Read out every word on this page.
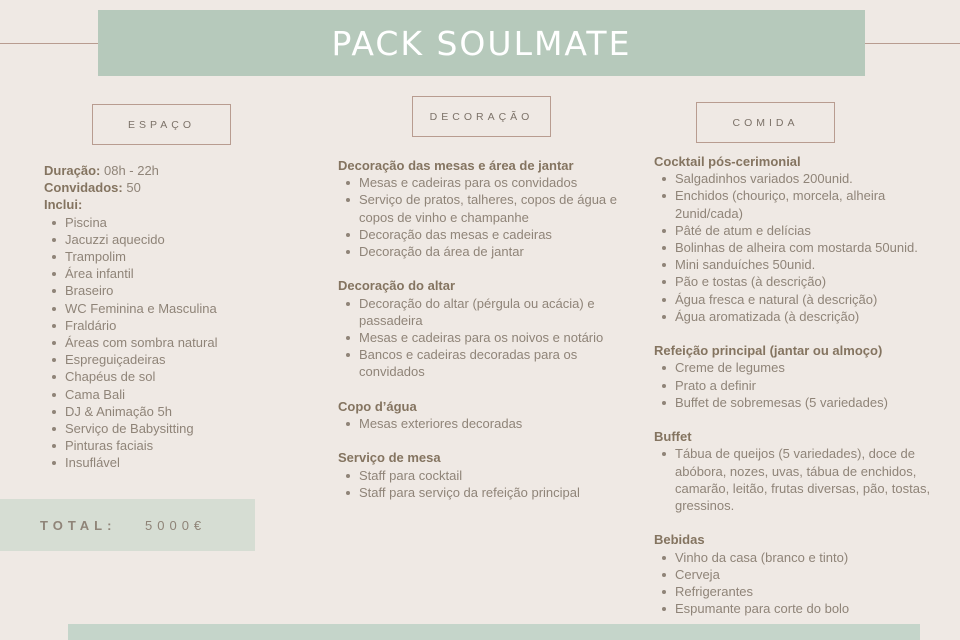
PACK SOULMATE
ESPAÇO
DECORAÇÃO	COMIDA
Duração: 08h - 22h
Convidados: 50
Inclui:
Piscina
Jacuzzi aquecido
Trampolim
Área infantil
Braseiro
WC Feminina e Masculina
Fraldário
Áreas com sombra natural
Espreguiçadeiras
Chapéus de sol
Cama Bali
DJ & Animação 5h
Serviço de Babysitting
Pinturas faciais
Insuflável
TOTAL: 5000€
Decoração das mesas e área de jantar
Mesas e cadeiras para os convidados
Serviço de pratos, talheres, copos de água e copos de vinho e champanhe
Decoração das mesas e cadeiras
Decoração da área de jantar
Decoração do altar
Decoração do altar (pérgula ou acácia) e passadeira
Mesas e cadeiras para os noivos e notário
Bancos e cadeiras decoradas para os convidados
Copo d’água
Mesas exteriores decoradas
Serviço de mesa
Staff para cocktail
Staff para serviço da refeição principal
Cocktail pós-cerimonial
Salgadinhos variados 200unid.
Enchidos (chouriço, morcela, alheira 2unid/cada)
Pâté de atum e delícias
Bolinhas de alheira com mostarda 50unid.
Mini sanduíches 50unid.
Pão e tostas (à descrição)
Água fresca e natural (à descrição)
Água aromatizada (à descrição)
Refeição principal (jantar ou almoço)
Creme de legumes
Prato a definir
Buffet de sobremesas (5 variedades)
Buffet
Tábua de queijos (5 variedades), doce de abóbora, nozes, uvas, tábua de enchidos, camarão, leitão, frutas diversas, pão, tostas, gressinos.
Bebidas
Vinho da casa (branco e tinto)
Cerveja
Refrigerantes
Espumante para corte do bolo
